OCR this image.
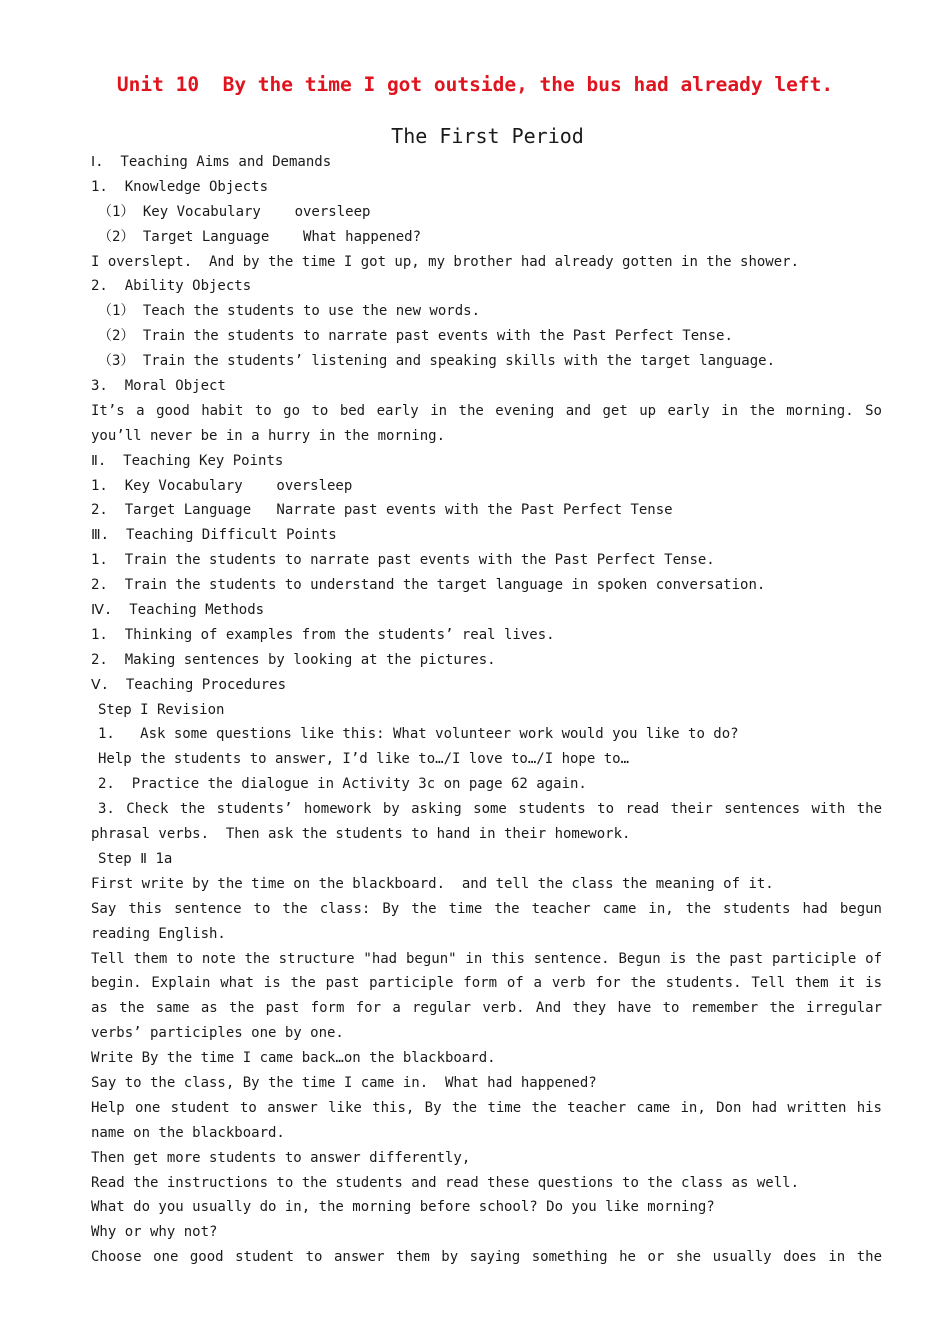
Unit 10  By the time I got outside, the bus had already left.
The First Period
Ⅰ.  Teaching Aims and Demands
1.  Knowledge Objects
（1） Key Vocabulary    oversleep
（2） Target Language    What happened?
I overslept.  And by the time I got up, my brother had already gotten in the shower.
2.  Ability Objects
（1） Teach the students to use the new words.
（2） Train the students to narrate past events with the Past Perfect Tense.
（3） Train the students’ listening and speaking skills with the target language.
3.  Moral Object
It’s a good habit to go to bed early in the evening and get up early in the morning. So
you’ll never be in a hurry in the morning.
Ⅱ.  Teaching Key Points
1.  Key Vocabulary    oversleep
2.  Target Language   Narrate past events with the Past Perfect Tense
Ⅲ.  Teaching Difficult Points
1.  Train the students to narrate past events with the Past Perfect Tense.
2.  Train the students to understand the target language in spoken conversation.
Ⅳ.  Teaching Methods
1.  Thinking of examples from the students’ real lives.
2.  Making sentences by looking at the pictures.
Ⅴ.  Teaching Procedures
Step I Revision
1.   Ask some questions like this: What volunteer work would you like to do?
Help the students to answer, I’d like to…/I love to…/I hope to…
2.  Practice the dialogue in Activity 3c on page 62 again.
3. Check the students’ homework by asking some students to read their sentences with the
phrasal verbs.  Then ask the students to hand in their homework.
Step Ⅱ 1a
First write by the time on the blackboard.  and tell the class the meaning of it.
Say this sentence to the class: By the time the teacher came in, the students had begun
reading English.
Tell them to note the structure "had begun" in this sentence. Begun is the past participle of
begin. Explain what is the past participle form of a verb for the students. Tell them it is
as the same as the past form for a regular verb. And they have to remember the irregular
verbs’ participles one by one.
Write By the time I came back…on the blackboard.
Say to the class, By the time I came in.  What had happened?
Help one student to answer like this, By the time the teacher came in, Don had written his
name on the blackboard.
Then get more students to answer differently,
Read the instructions to the students and read these questions to the class as well.
What do you usually do in, the morning before school? Do you like morning?
Why or why not?
Choose one good student to answer them by saying something he or she usually does in the
